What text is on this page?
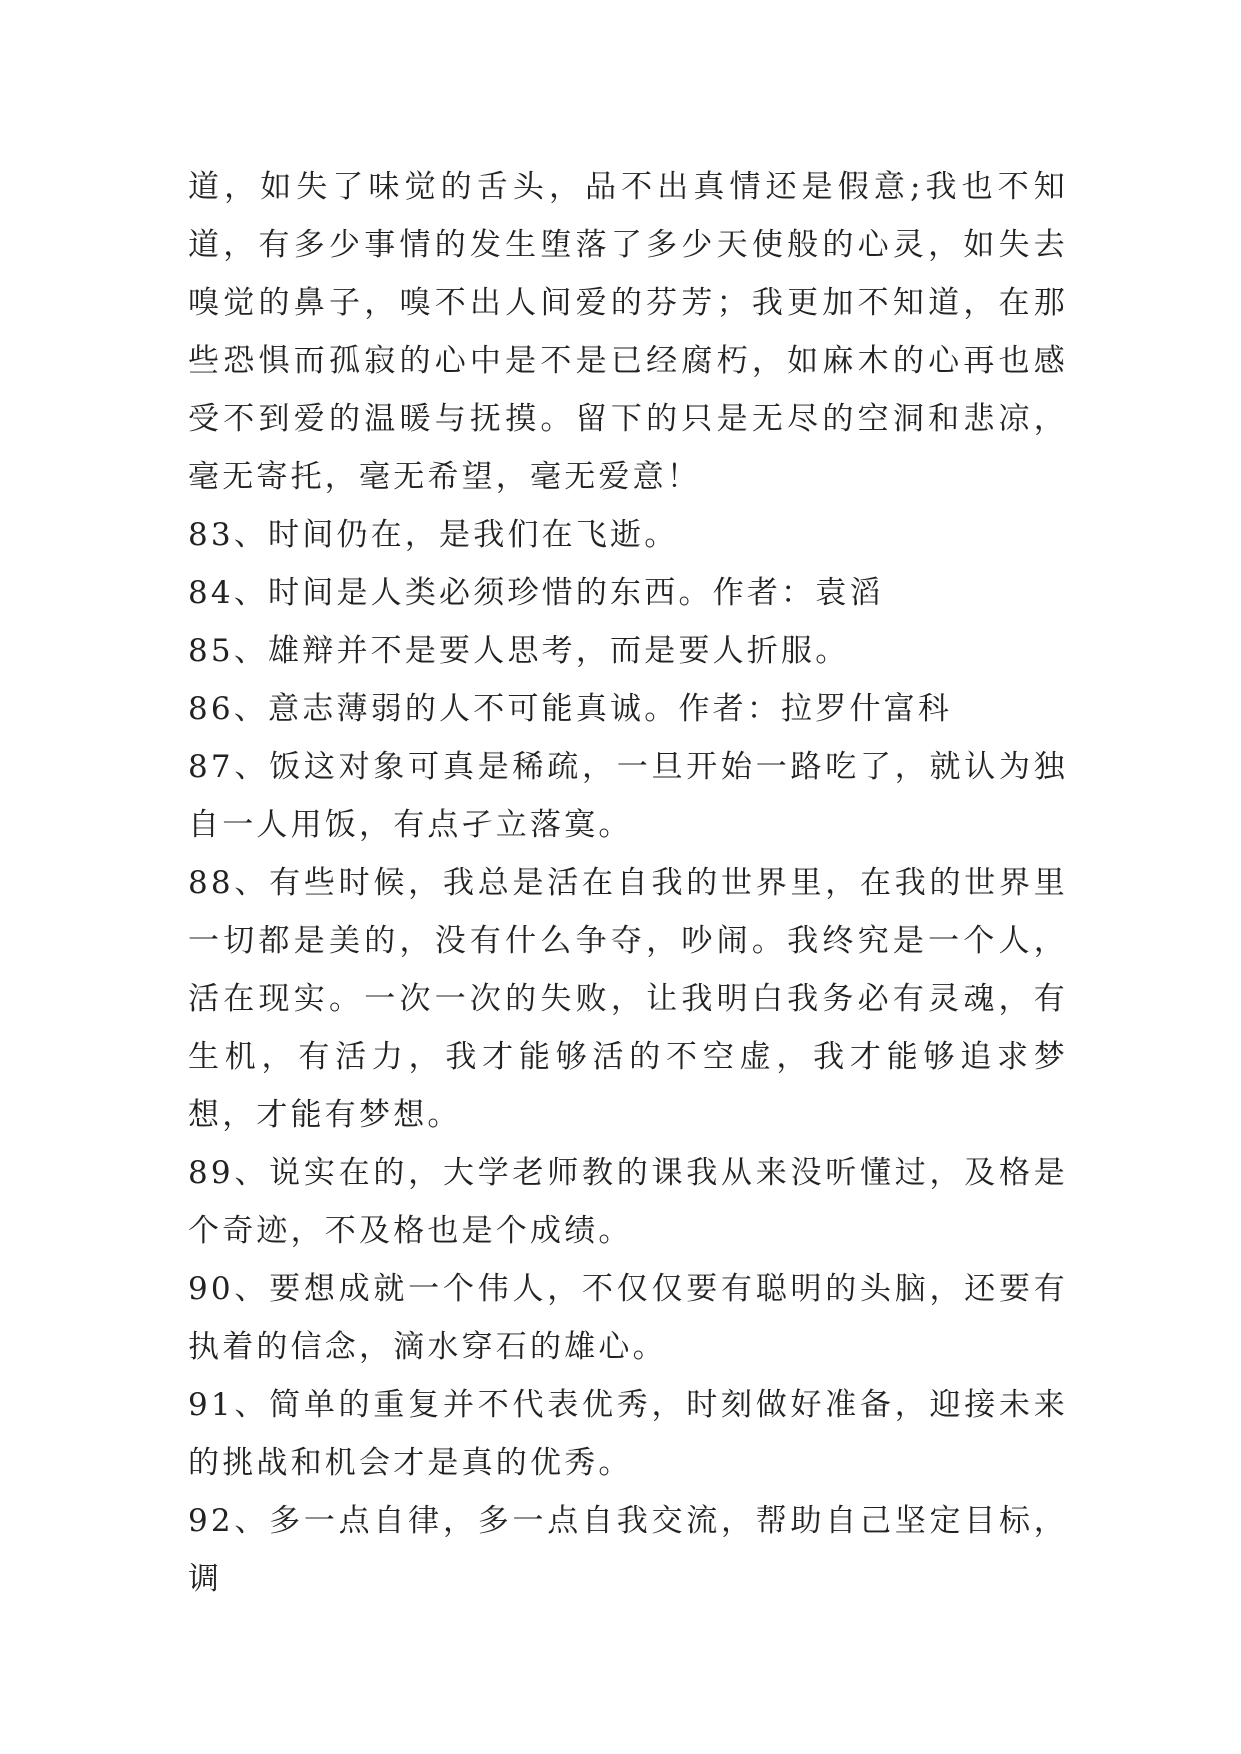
道，如失了味觉的舌头，品不出真情还是假意;我也不知道，有多少事情的发生堕落了多少天使般的心灵，如失去嗅觉的鼻子，嗅不出人间爱的芬芳；我更加不知道，在那些恐惧而孤寂的心中是不是已经腐朽，如麻木的心再也感受不到爱的温暖与抚摸。留下的只是无尽的空洞和悲凉，毫无寄托，毫无希望，毫无爱意！

83、时间仍在，是我们在飞逝。

84、时间是人类必须珍惜的东西。作者：袁滔

85、雄辩并不是要人思考，而是要人折服。

86、意志薄弱的人不可能真诚。作者：拉罗什富科

87、饭这对象可真是稀疏，一旦开始一路吃了，就认为独自一人用饭，有点孑立落寞。

88、有些时候，我总是活在自我的世界里，在我的世界里一切都是美的，没有什么争夺，吵闹。我终究是一个人，活在现实。一次一次的失败，让我明白我务必有灵魂，有生机，有活力，我才能够活的不空虚，我才能够追求梦想，才能有梦想。

89、说实在的，大学老师教的课我从来没听懂过，及格是个奇迹，不及格也是个成绩。

90、要想成就一个伟人，不仅仅要有聪明的头脑，还要有执着的信念，滴水穿石的雄心。

91、简单的重复并不代表优秀，时刻做好准备，迎接未来的挑战和机会才是真的优秀。

92、多一点自律，多一点自我交流，帮助自己坚定目标，调
